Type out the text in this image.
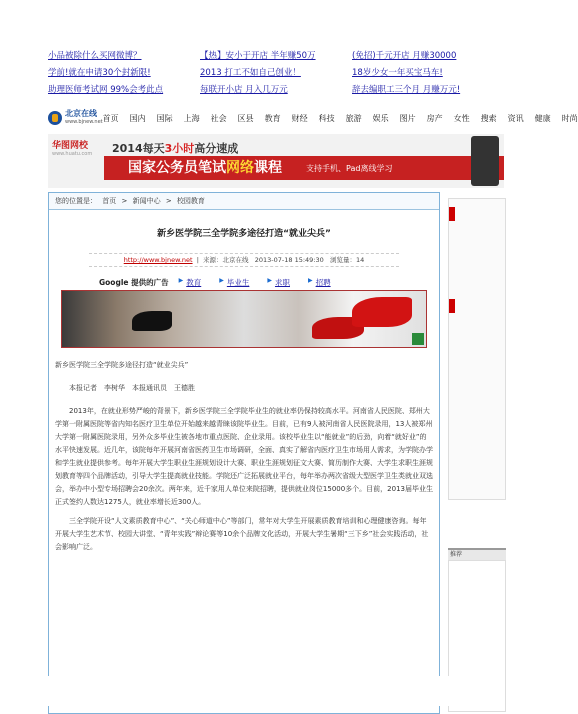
小品被除什么买网微博？	【热】安小于开店 半年赚50万	(免招)千元开店 月赚30000
学前!就在申请30个封新限!	2013 打工不如自己创业！	18岁少女一年买宝马车!
助理医师考试网 99%会考此点	每联开小店 月入几万元	辞去编职工三个月 月赚万元!
北京在线
www.bjnew.net 首页 国内 国际 上海 社会 区县 教育 财经 科技 旅游 娱乐 图片 房产 女性 搜索 资讯 健康 时尚
华图网校
www.huatu.com 2014每天3小时高分速成
国家公务员笔试网络课程	支持手机、Pad离线学习
您的位置是： 首页 > 新闻中心 > 校园教育
新乡医学院三全学院多途径打造“就业尖兵”
http://www.bjnew.net  |  来源：北京在线 2013-07-18 15:49:30 浏览量：14
Google 提供的广告 ▶ 教育	▶ 毕业生	▶ 求职	▶ 招聘

新乡医学院三全学院多途径打造“就业尖兵”

本报记者　李树华　本报通讯员　王德胜

2013年，在就业形势严峻的背景下，新乡医学院三全学院毕业生的就业率仍保持较高水平。河南省人民医院、郑州大学第一附属医院等省内知名医疗卫生单位开始越来越青睐该院毕业生。目前，已有9人被河南省人民医院录用，13人被郑州大学第一附属医院录用，另外众多毕业生被各地市重点医院、企业录用。该校毕业生以“能就业”的后劲，向着“就好业”的水平快速发展。近几年，该院每年开展河南省医药卫生市场调研，全面、真实了解省内医疗卫生市场用人需求，为学院办学和学生就业提供参考。每年开展大学生职业生涯规划设计大赛、职业生涯规划征文大赛、简历制作大赛、大学生求职生涯规划教育等四个品牌活动，引导大学生提高就业技能。学院还广泛拓展就业平台，每年举办两次省级大型医学卫生类就业双选会，举办中小型专场招聘会20余次。两年来，近千家用人单位来院招聘，提供就业岗位15000多个。目前，2013届毕业生正式签约人数达1275人，就业率增长近300人。

三全学院开设“人文素质教育中心”、“关心师道中心”等部门，常年对大学生开展素质教育培训和心理健康咨询。每年开展大学生艺术节、校园大讲堂、“青年实践”辩论赛等10余个品牌文化活动，开展大学生暑期“三下乡”社会实践活动，社会影响广泛。

推荐
